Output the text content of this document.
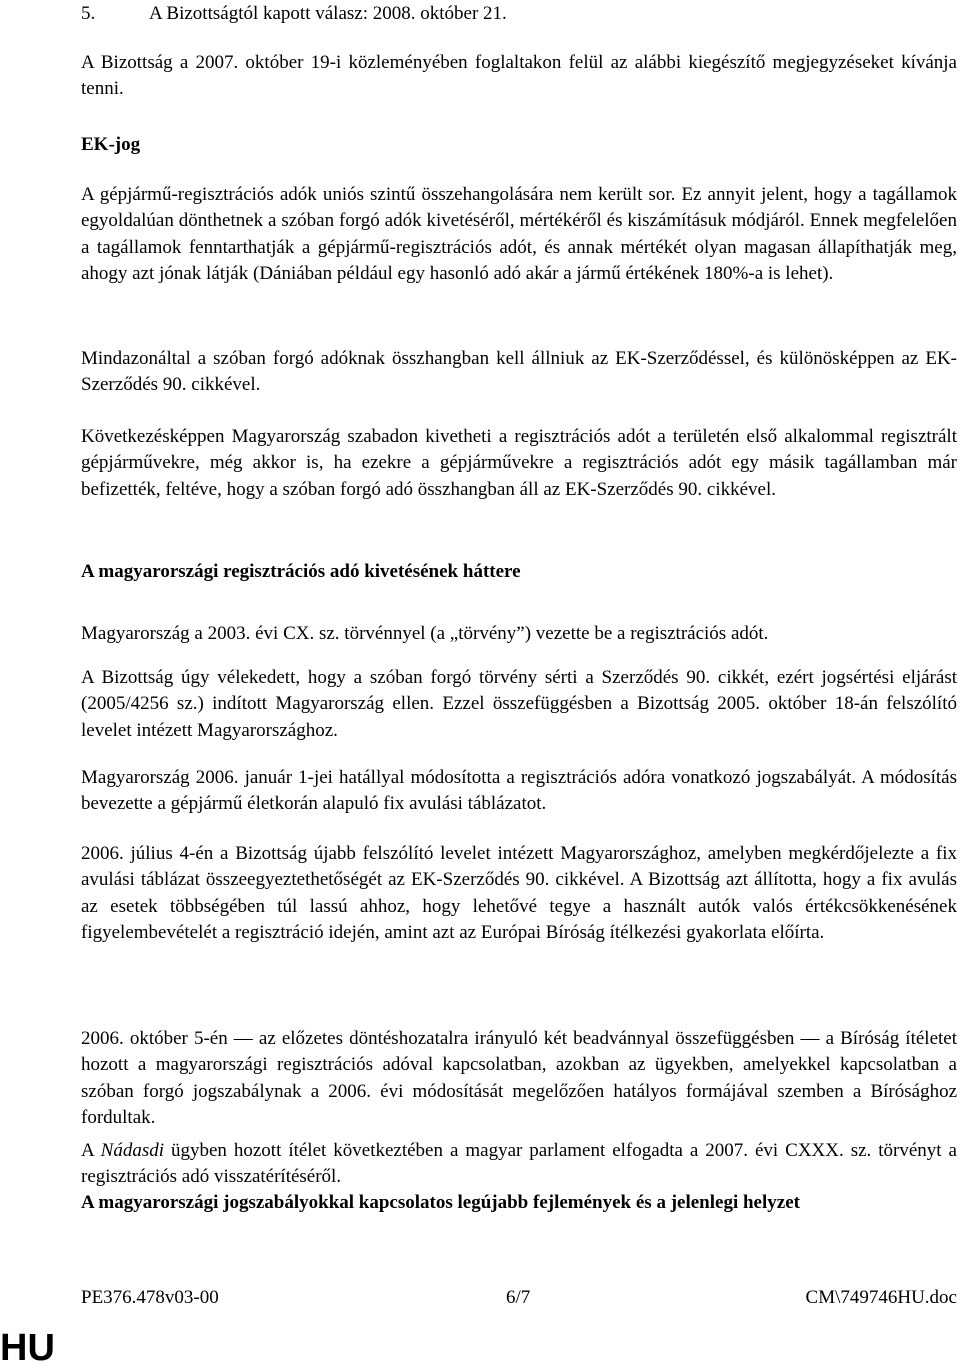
5.	A Bizottságtól kapott válasz: 2008. október 21.
A Bizottság a 2007. október 19-i közleményében foglaltakon felül az alábbi kiegészítő megjegyzéseket kívánja tenni.
EK-jog
A gépjármű-regisztrációs adók uniós szintű összehangolására nem került sor. Ez annyit jelent, hogy a tagállamok egyoldalúan dönthetnek a szóban forgó adók kivetéséről, mértékéről és kiszámításuk módjáról. Ennek megfelelően a tagállamok fenntarthatják a gépjármű-regisztrációs adót, és annak mértékét olyan magasan állapíthatják meg, ahogy azt jónak látják (Dániában például egy hasonló adó akár a jármű értékének 180%-a is lehet).
Mindazonáltal a szóban forgó adóknak összhangban kell állniuk az EK-Szerződéssel, és különösképpen az EK-Szerződés 90. cikkével.
Következésképpen Magyarország szabadon kivetheti a regisztrációs adót a területén első alkalommal regisztrált gépjárművekre, még akkor is, ha ezekre a gépjárművekre a regisztrációs adót egy másik tagállamban már befizették, feltéve, hogy a szóban forgó adó összhangban áll az EK-Szerződés 90. cikkével.
A magyarországi regisztrációs adó kivetésének háttere
Magyarország a 2003. évi CX. sz. törvénnyel (a „törvény”) vezette be a regisztrációs adót.
A Bizottság úgy vélekedett, hogy a szóban forgó törvény sérti a Szerződés 90. cikkét, ezért jogsértési eljárást (2005/4256 sz.) indított Magyarország ellen. Ezzel összefüggésben a Bizottság 2005. október 18-án felszólító levelet intézett Magyarországhoz.
Magyarország 2006. január 1-jei hatállyal módosította a regisztrációs adóra vonatkozó jogszabályát. A módosítás bevezette a gépjármű életkorán alapuló fix avulási táblázatot.
2006. július 4-én a Bizottság újabb felszólító levelet intézett Magyarországhoz, amelyben megkérdőjelezte a fix avulási táblázat összeegyeztethetőségét az EK-Szerződés 90. cikkével. A Bizottság azt állította, hogy a fix avulás az esetek többségében túl lassú ahhoz, hogy lehetővé tegye a használt autók valós értékcsökkenésének figyelembevételét a regisztráció idején, amint azt az Európai Bíróság ítélkezési gyakorlata előírta.
2006. október 5-én — az előzetes döntéshozatalra irányuló két beadvánnyal összefüggésben — a Bíróság ítéletet hozott a magyarországi regisztrációs adóval kapcsolatban, azokban az ügyekben, amelyekkel kapcsolatban a szóban forgó jogszabálynak a 2006. évi módosítását megelőzően hatályos formájával szemben a Bírósághoz fordultak.
A Nádasdi ügyben hozott ítélet következtében a magyar parlament elfogadta a 2007. évi CXXX. sz. törvényt a regisztrációs adó visszatérítéséről.
A magyarországi jogszabályokkal kapcsolatos legújabb fejlemények és a jelenlegi helyzet
PE376.478v03-00	6/7	CM\749746HU.doc
HU
